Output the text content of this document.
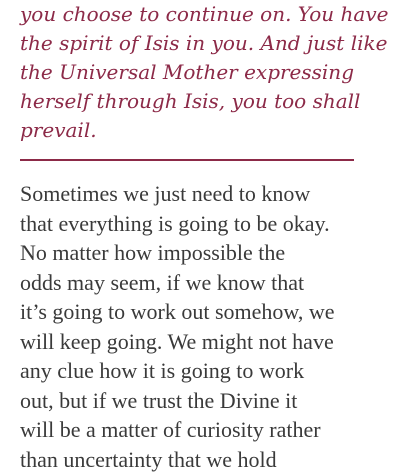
you choose to continue on. You have
the spirit of Isis in you. And just like
the Universal Mother expressing
herself through Isis, you too shall
prevail.

Sometimes we just need to know
that everything is going to be okay.
No matter how impossible the
odds may seem, if we know that
it’s going to work out somehow, we
will keep going. We might not have
any clue how it is going to work
out, but if we trust the Divine it
will be a matter of curiosity rather
than uncertainty that we hold
